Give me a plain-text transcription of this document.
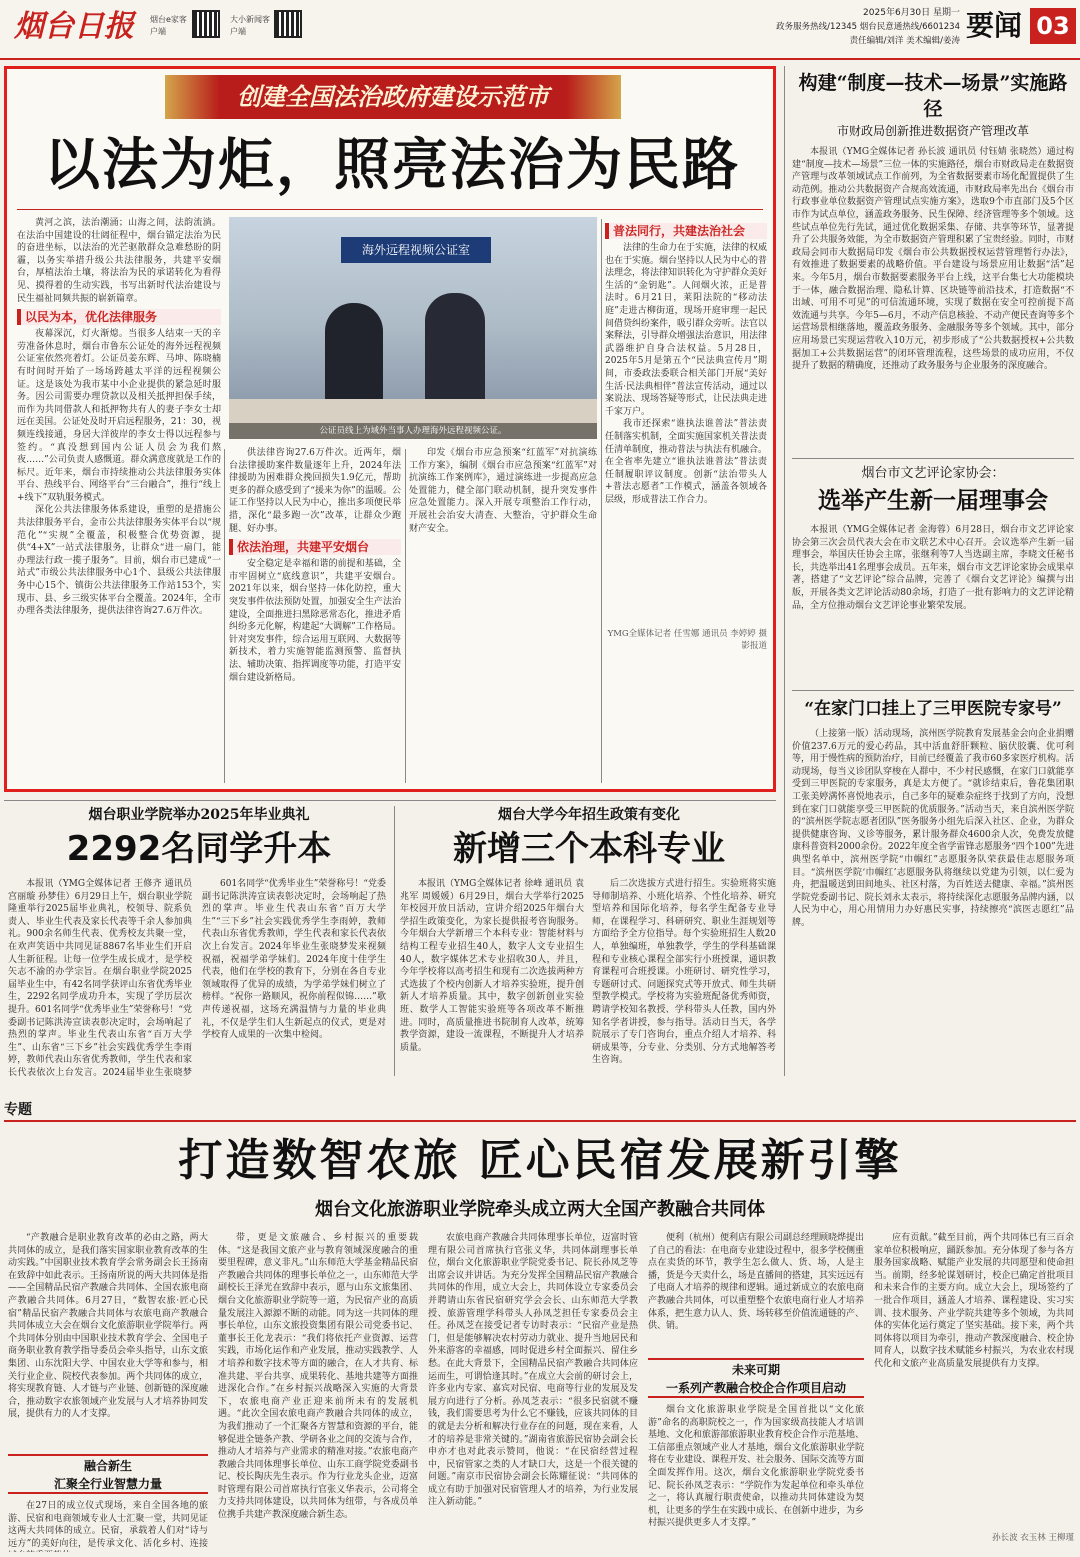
烟台日报	烟台e家客户端
大小新闻客户端
2025年6月30日 星期一
政务服务热线/12345 烟台民意通热线/6601234
责任编辑/刘洋 美术编辑/姜涛 要闻 03
创建全国法治政府建设示范市
以法为炬，照亮法治为民路
海外远程视频公证室
公证员线上为域外当事人办理海外远程视频公证。
黄河之滨，法治潮涌；山海之间，法韵流淌。在法治中国建设的壮阔征程中，烟台锚定法治为民的奋进坐标，以法治的光芒驱散群众急难愁盼的阴霾，以务实举措升级公共法律服务，共建平安烟台，厚植法治土壤，将法治为民的承诺转化为看得见、摸得着的生动实践，书写出新时代法治建设与民生福祉同频共振的崭新篇章。
以民为本，优化法律服务
夜幕深沉，灯火渐熄。当很多人结束一天的辛劳准备休息时，烟台市鲁东公证处的海外远程视频公证室依然亮着灯。公证员姜东辉、马坤、陈晓楠有时间时开始了一场场跨越太平洋的远程视频公证。这是该处为我市某中小企业提供的紧急延时服务。因公司需要办理贷款以及相关抵押担保手续，而作为共同借款人和抵押物共有人的妻子李女士却远在美国。公证处及时开启远程服务，21：30，视频连线接通，身居大洋彼岸的李女士得以远程参与签约。“真没想到国内公证人员会为我们熬夜……”公司负责人感慨道。群众满意度就是工作的标尺。近年来，烟台市持续推动公共法律服务实体平台、热线平台、网络平台“三台融合”，推行“线上+线下”双轨服务模式。
深化公共法律服务体系建设，重塑的是措施公共法律服务平台，金市公共法律服务实体平台以“规范化”“实规”全覆盖，积极整合优势资源，提供“4+X”一站式法律服务，让群众“进一扇门，能办理法行政一揽子服务”。目前，烟台市已建成“一站式”市级公共法律服务中心1个、县级公共法律服务中心15个、镇街公共法律服务工作站153个，实现市、县、乡三级实体平台全覆盖。2024年，全市办理各类法律服务，提供法律咨询27.6万件次。
供法律咨询27.6万件次。近两年，烟台法律援助案件数量逐年上升，2024年法律援助为困难群众挽回损失1.9亿元，帮助更多的群众感受到了“援来为你”的温暖。公证工作坚持以人民为中心，推出多项便民举措，深化“最多跑一次”改革，让群众少跑腿、好办事。
依法治理，共建平安烟台
安全稳定是幸福和谐的前提和基础，全市牢固树立“底线意识”，共建平安烟台。2021年以来，烟台坚持一体化防控，重大突发事件依法预防处置，加强安全生产法治建设，全面推进扫黑除恶常态化，推进矛盾纠纷多元化解，构建起“大调解”工作格局。针对突发事件，综合运用互联网、大数据等新技术，着力实施智能监测预警、监督执法、辅助决策、指挥调度等功能，打造平安烟台建设新格局。
印发《烟台市应急预案“红蓝军”对抗演练工作方案》，编制《烟台市应急预案“红蓝军”对抗演练工作案例库》，通过演练进一步提高应急处置能力，健全部门联动机制，提升突发事件应急处置能力。深入开展专项整治工作行动，开展社会治安大清查、大整治，守护群众生命财产安全。
普法同行，共建法治社会
法律的生命力在于实施，法律的权威也在于实施。烟台坚持以人民为中心的普法理念，将法律知识转化为守护群众美好生活的“金钥匙”。人间烟火浓，正是普法时。6月21日，莱阳法院的“移动法庭”走进古柳街道，现场开庭审理一起民间借贷纠纷案件，吸引群众旁听。法官以案释法，引导群众增强法治意识，用法律武器维护自身合法权益。5月28日，2025年5月是第五个“民法典宣传月”期间，市委政法委联合相关部门开展“美好生活·民法典相伴”普法宣传活动，通过以案说法、现场答疑等形式，让民法典走进千家万户。
我市还探索“谁执法谁普法”普法责任制落实机制，全面实施国家机关普法责任清单制度，推动普法与执法有机融合。在全省率先建立“谁执法谁普法”普法责任制履职评议制度。创新“法治带头人+普法志愿者”工作模式，涵盖各领域各层级，形成普法工作合力。
YMG全媒体记者 任雪娜 通讯员 李婷婷 摄影报道
构建“制度—技术—场景”实施路径
市财政局创新推进数据资产管理改革
本报讯（YMG全媒体记者 孙长波 通讯员 付钰婧 张晓然）通过构建“制度—技术—场景”三位一体的实施路径，烟台市财政局走在数据资产管理与改革领域试点工作前列，为全省数据要素市场化配置提供了生动范例。推动公共数据资产合规高效流通，市财政局率先出台《烟台市行政事业单位数据资产管理试点实施方案》，选取9个市直部门及5个区市作为试点单位，涵盖政务服务、民生保障、经济管理等多个领域。这些试点单位先行先试，通过优化数据采集、存储、共享等环节，显著提升了公共服务效能，为全市数据资产管理积累了宝贵经验。同时，市财政局会同市大数据局印发《烟台市公共数据授权运营管理暂行办法》，有效推进了数据要素的战略价值。平台建设与场景应用让数据“活”起来。今年5月，烟台市数据要素服务平台上线，这平台集七大功能模块于一体，融合数据治理、隐私计算、区块链等前沿技术，打造数据“不出域、可用不可见”的可信流通环境，实现了数据在安全可控前提下高效流通与共享。今年5—6月，不动产信息核验、不动产便民查询等多个运营场景相继落地，覆盖政务服务、金融服务等多个领域。其中，部分应用场景已实现运营收入10万元，初步形成了“公共数据授权+公共数据加工+公共数据运营”的闭环管理流程，这些场景的成功应用，不仅提升了数据的精确度，还推动了政务服务与企业服务的深度融合。
烟台市文艺评论家协会：
选举产生新一届理事会
本报讯（YMG全媒体记者 金海蓉）6月28日，烟台市文艺评论家协会第三次会员代表大会在市文联艺术中心召开。会议选举产生新一届理事会，举国庆任协会主席，张继利等7人当选副主席，李晓文任秘书长，共选举出41名理事会成员。五年来，烟台市文艺评论家协会成果卓著，搭建了“文艺评论”综合品牌，完善了《烟台文艺评论》编撰与出版，开展各类文艺评论活动80余场，打造了一批有影响力的文艺评论精品，全方位推动烟台文艺评论事业繁荣发展。
“在家门口挂上了三甲医院专家号”
（上接第一版）活动现场，滨州医学院教育发展基金会向企业捐赠价值237.6万元的爱心药品，其中活血舒肝颗粒、脑伏胶囊、优可利等，用于慢性病的预防治疗，目前已经覆盖了我市60多家医疗机构。活动现场，每当义诊团队穿梭在人群中，不少村民感慨，在家门口就能享受到三甲医院的专家服务，真是太方便了。“就诊结束后，鲁花集团职工张美婷满怀喜悦地表示，自己多年的疑难杂症终于找到了方向，没想到在家门口就能享受三甲医院的优质服务。”活动当天，来自滨州医学院的“滨州医学院志愿者团队”医务服务小组先后深入社区、企业，为群众提供健康咨询、义诊等服务，累计服务群众4600余人次，免费发放健康科普资料2000余份。2022年度全省学雷锋志愿服务“四个100”先进典型名单中，滨州医学院“巾帼红”志愿服务队荣获最佳志愿服务项目。“滨州医学院‘巾帼红’志愿服务队将继续以党建为引领，以仁爱为舟，把温暖送到田间地头、社区村落，为百姓送去健康、幸福。”滨州医学院党委副书记、院长刘永太表示，将持续深化志愿服务品牌内涵，以人民为中心，用心用情用力办好惠民实事，持续擦亮“滨医志愿红”品牌。
烟台职业学院举办2025年毕业典礼
2292名同学升本
本报讯（YMG全媒体记者 王修齐 通讯员 宫丽璇 孙梦佳）6月29日上午，烟台职业学院隆重举行2025届毕业典礼，校领导、院系负责人、毕业生代表及家长代表等千余人参加典礼。900余名师生代表、优秀校友共聚一堂，在欢声笑语中共同见证8867名毕业生们开启人生新征程。让每一位学生成长成才，是学校矢志不渝的办学宗旨。在烟台职业学院2025届毕业生中，有42名同学获评山东省优秀毕业生，2292名同学成功升本，实现了学历层次提升。601名同学“优秀毕业生”荣誉称号！“党委副书记陈洪涛宣读表彰决定时，会场响起了热烈的掌声。毕业生代表山东省“百万大学生”、山东省“三下乡”社会实践优秀学生李雨婷，教师代表山东省优秀教师，学生代表和家长代表依次上台发言。2024届毕业生张晓梦
601名同学“优秀毕业生”荣誉称号！“党委副书记陈洪涛宣读表彰决定时，会场响起了热烈的掌声。毕业生代表山东省“百万大学生”“三下乡”社会实践优秀学生李雨婷，教师代表山东省优秀教师，学生代表和家长代表依次上台发言。2024年毕业生张晓梦发来视频祝福，祝福学弟学妹们。2024年度十佳学生代表，他们在学校的教育下，分别在各自专业领域取得了优异的成绩，为学弟学妹们树立了榜样。“祝你一路顺风，祝你前程似锦……”歌声传递祝福，这场充满温情与力量的毕业典礼，不仅是学生们人生新起点的仪式，更是对学校育人成果的一次集中检阅。
烟台大学今年招生政策有变化
新增三个本科专业
本报讯（YMG全媒体记者 徐峰 通讯员 袁兆军 周媛媛）6月29日，烟台大学举行2025年校园开放日活动，宣讲介绍2025年烟台大学招生政策变化，为家长提供报考咨询服务。今年烟台大学新增三个本科专业：智能材料与结构工程专业招生40人，数字人文专业招生40人，数字媒体艺术专业招收30人，并且，今年学校将以高考招生和现有二次选拔两种方式选拔了个校内创新人才培养实验班，提升创新人才培养质量。其中，数字创新创业实验班、数学人工智能实验班等各项改革不断推进。同时，高质量推进书院制育人改革，统筹教学资源，建设一流课程，不断提升人才培养质量。
后二次选拔方式进行招生。实验班将实施导师制培养、小班化培养、个性化培养、研究型培养和国际化培养，每名学生配备专业导师，在课程学习、科研研究、职业生涯规划等方面给予全方位指导。每个实验班招生人数20人，单独编班，单独教学，学生的学科基础课程和专业核心课程全部实行小班授课，通识教育课程可合班授课。小班研讨、研究性学习，专题研讨式、问题探究式等开放式、师生共研型教学模式。学校将为实验班配备优秀师资，聘请学校知名教授、学科带头人任教，国内外知名学者讲授，参与指导。活动日当天，各学院展示了专门咨询台，重点介绍人才培养、科研成果等，分专业、分类别、分方式地解答考生咨询。
专题
打造数智农旅 匠心民宿发展新引擎
烟台文化旅游职业学院牵头成立两大全国产教融合共同体
“产教融合是职业教育改革的必由之路，两大共同体的成立，是我们落实国家职业教育改革的生动实践。”中国职业技术教育学会常务副会长王扬南在致辞中如此表示。王扬南所说的两大共同体是指——全国精品民宿产教融合共同体、全国农旅电商产教融合共同体。6月27日，“数智农旅·匠心民宿”精品民宿产教融合共同体与农旅电商产教融合共同体成立大会在烟台文化旅游职业学院举行。两个共同体分别由中国职业技术教育学会、全国电子商务职业教育教学指导委员会牵头指导，山东文旅集团、山东沈阳大学、中国农业大学等和参与，相关行业企业、院校代表参加。两个共同体的成立，将实现教育链、人才链与产业链、创新链的深度融合，推动数字农旅领域产业发展与人才培养协同发展，提供有力的人才支撑。
融合新生
汇聚全行业智慧力量
在27日的成立仪式现场，来自全国各地的旅游、民宿和电商领域专业人士汇聚一堂，共同见证这两大共同体的成立。民宿，承载着人们对“诗与远方”的美好向往，是传承文化、活化乡村、连接
带，更是文旅融合、乡村振兴的重要载体。“这是我国文旅产业与教育领域深度融合的重要里程碑，意义非凡。”山东师范大学基金精品民宿产教融合共同体的理事长单位之一，山东师范大学副校长王泽光在致辞中表示，愿与山东文旅集团、烟台文化旅游职业学院等一道，为民宿产业的高质量发展注入源源不断的动能。同为这一共同体的理事长单位，山东文旅投资集团有限公司党委书记、董事长王化龙表示：“我们将依托产业资源、运营实践，市场化运作和产业发展，推动实践教学、人才培养和数字技术等方面的融合，在人才共育、标准共建、平台共享、成果转化、基地共建等方面推进深化合作。”在乡村振兴战略深入实施的大背景下，农旅电商产业正迎来前所未有的发展机遇。“此次全国农旅电商产教融合共同体的成立，为我们推动了一个汇聚各方智慧和资源的平台，能够促进全链条产教、学研各业之间的交流与合作，推动人才培养与产业需求的精准对接。”农旅电商产教融合共同体理事长单位、山东工商学院党委副书记、校长陶庆先生表示。作为行业龙头企业，迈富时管理有限公司首席执行官张义华表示，公司将全力支持共同体建设，以共同体为纽带，与各成员单位携手共建产教深度融合新生态。
农旅电商产教融合共同体理事长单位，迈富时管理有限公司首席执行官张义华，共同体副理事长单位，烟台文化旅游职业学院党委书记、院长孙凤芝等出席会议并讲话。为充分发挥全国精品民宿产教融合共同体的作用，成立大会上，共同体设立专家委员会并聘请山东省民宿研究学会会长、山东师范大学教授、旅游管理学科带头人孙凤芝担任专家委员会主任。孙凤芝在接受记者专访时表示：“民宿产业是热门，但是能够解决农村劳动力就业、提升当地居民和外来游客的幸福感，同时促进乡村全面振兴、留住乡愁。在此大背景下，全国精品民宿产教融合共同体应运而生，可谓恰逢其时。”在成立大会前的研讨会上，许多业内专家、嘉宾对民宿、电商等行业的发展及发展方向进行了分析。孙凤芝表示：“很多民宿就不赚钱，我们需要思考为什么它不赚钱，应该共同体的目的就是去分析和解决行业存在的问题，现在来看，人才的培养是非常关键的。”湖南省旅游民宿协会副会长申亦才也对此表示赞同，他说：“在民宿经营过程中，民宿管家之类的人才缺口大，这是一个很关键的问题。”南京市民宿协会副会长陈耀征说：“共同体的成立有助于加强对民宿管理人才的培养，为行业发展注入新动能。”
便利（杭州）便利店有限公司副总经理顾晓烨提出了自己的看法：在电商专业建设过程中，很多学校侧重点在卖货的环节，教学生怎么做人、货、场，人是主播，货是今天卖什么，场是直播间的搭建，其实远远有了电商人才培养的规律和逻辑。通过新成立的农旅电商产教融合共同体，可以重塑整个农旅电商行业人才培养体系，把生意力认人、货、场转移至价值流通链的产、供、销。
未来可期
一系列产教融合校企合作项目启动
烟台文化旅游职业学院是全国首批以“文化旅游”命名的高职院校之一，作为国家级高技能人才培训基地、文化和旅游部旅游职业教育校企合作示范基地、工信部重点领域产业人才基地，烟台文化旅游职业学院将在专业建设、课程开发、社会服务、国际交流等方面全面发挥作用。这次，烟台文化旅游职业学院党委书记、院长孙凤芝表示：“学院作为发起单位和牵头单位之一，将认真履行职责使命，以推动共同体建设为契机，让更多的学生在实践中成长、在创新中进步，为乡村振兴提供更多人才支撑。”
应有贡献。”截至目前，两个共同体已有三百余家单位积极响应，踊跃参加。充分体现了参与各方服务国家战略、赋能产业发展的共同愿望和使命担当。前期，经多轮谋划研讨，校企已确定首批项目和未来合作的主要方向。成立大会上，现场签约了一批合作项目，涵盖人才培养、课程建设、实习实训、技术服务、产业学院共建等多个领域，为共同体的实体化运行奠定了坚实基础。接下来，两个共同体将以项目为牵引，推动产教深度融合、校企协同育人，以数字技术赋能乡村振兴，为农业农村现代化和文旅产业高质量发展提供有力支撑。
孙长波 衣玉林 王柳瑾
